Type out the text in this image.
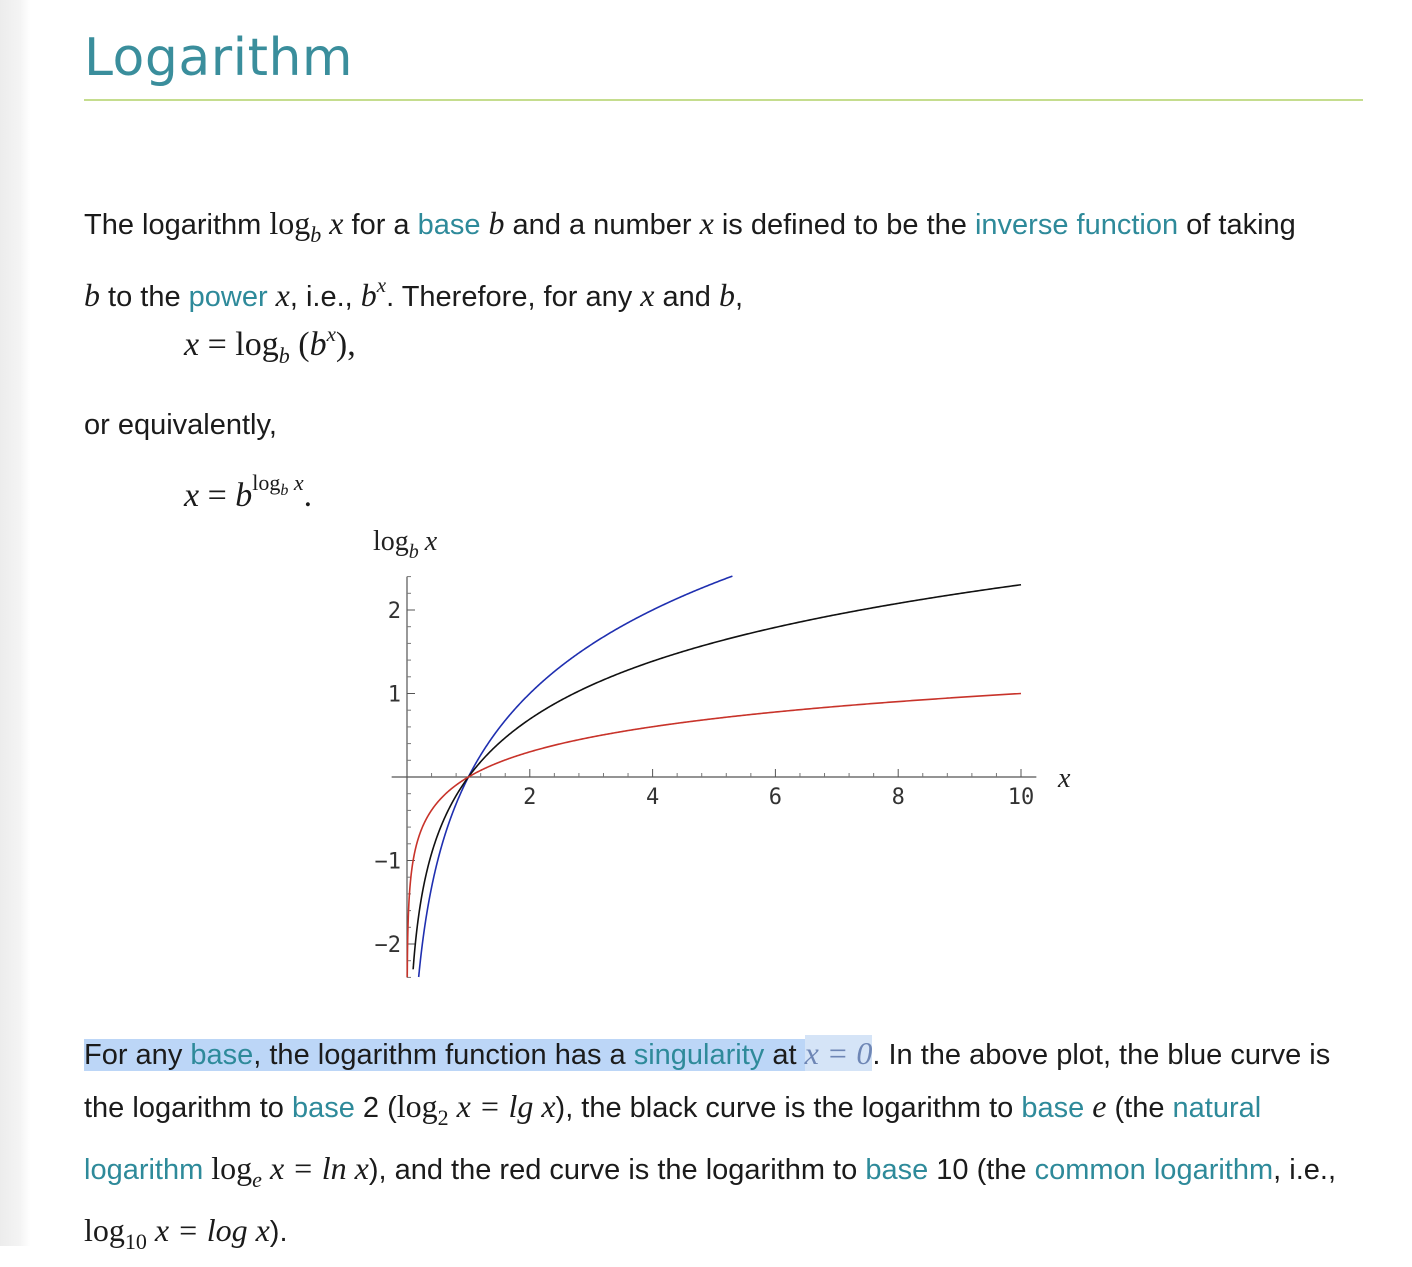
Logarithm
The logarithm $\log_b x$ for a base b and a number x is defined to be the inverse function of taking
b to the power x, i.e., $b^x$. Therefore, for any x and b,
$x = \log_b (b^x)$,
or equivalently,
$x = b^{log_b x}$.
For any base, the logarithm function has a singularity at x = 0. In the above plot, the blue curve is the logarithm to base 2 ($\log_2$ x = lg x), the black curve is the logarithm to base e (the natural logarithm $\log_e x = \ln x$), and the red curve is the logarithm to base 10 (the common logarithm, i.e., $\log_{10} x = \log x$).
2	4	6	8	10
−2
−1
1
2
$\log_b x$
x
